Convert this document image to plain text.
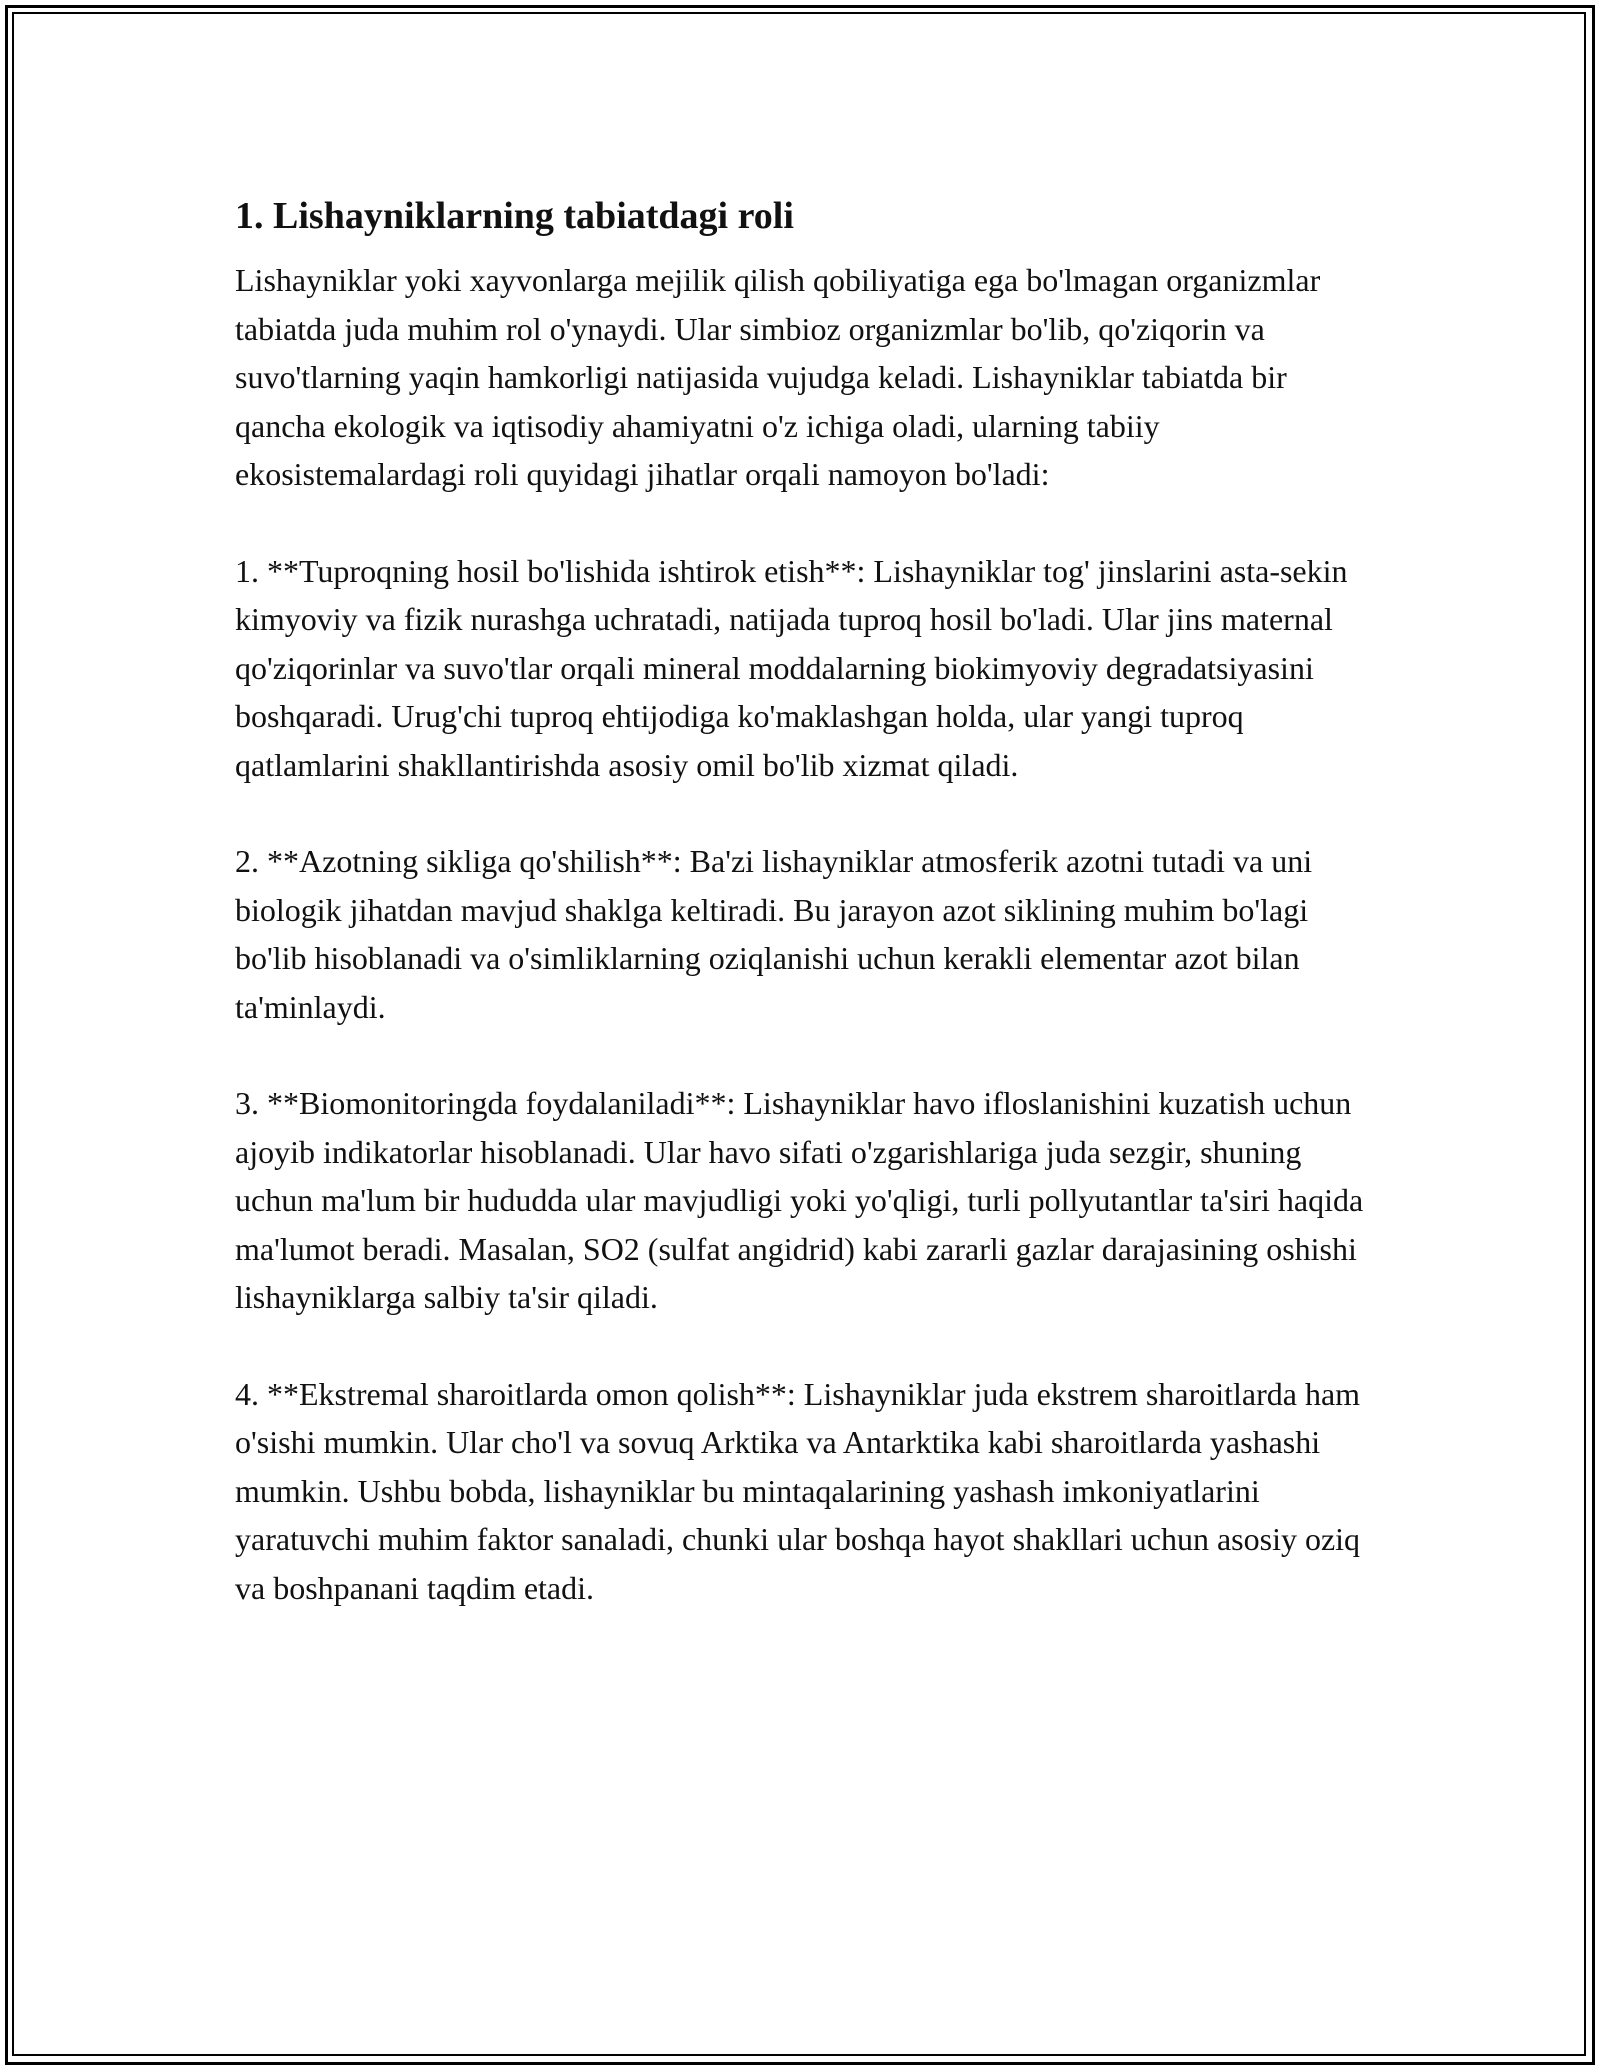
1. Lishayniklarning tabiatdagi roli

Lishayniklar yoki xayvonlarga mejilik qilish qobiliyatiga ega bo'lmagan organizmlar tabiatda juda muhim rol o'ynaydi. Ular simbioz organizmlar bo'lib, qo'ziqorin va suvo'tlarning yaqin hamkorligi natijasida vujudga keladi. Lishayniklar tabiatda bir qancha ekologik va iqtisodiy ahamiyatni o'z ichiga oladi, ularning tabiiy ekosistemalardagi roli quyidagi jihatlar orqali namoyon bo'ladi:

1. **Tuproqning hosil bo'lishida ishtirok etish**: Lishayniklar tog' jinslarini asta-sekin kimyoviy va fizik nurashga uchratadi, natijada tuproq hosil bo'ladi. Ular jins maternal qo'ziqorinlar va suvo'tlar orqali mineral moddalarning biokimyoviy degradatsiyasini boshqaradi. Urug'chi tuproq ehtijodiga ko'maklashgan holda, ular yangi tuproq qatlamlarini shakllantirishda asosiy omil bo'lib xizmat qiladi.

2. **Azotning sikliga qo'shilish**: Ba'zi lishayniklar atmosferik azotni tutadi va uni biologik jihatdan mavjud shaklga keltiradi. Bu jarayon azot siklining muhim bo'lagi bo'lib hisoblanadi va o'simliklarning oziqlanishi uchun kerakli elementar azot bilan ta'minlaydi.

3. **Biomonitoringda foydalaniladi**: Lishayniklar havo ifloslanishini kuzatish uchun ajoyib indikatorlar hisoblanadi. Ular havo sifati o'zgarishlariga juda sezgir, shuning uchun ma'lum bir hududda ular mavjudligi yoki yo'qligi, turli pollyutantlar ta'siri haqida ma'lumot beradi. Masalan, SO2 (sulfat angidrid) kabi zararli gazlar darajasining oshishi lishayniklarga salbiy ta'sir qiladi.

4. **Ekstremal sharoitlarda omon qolish**: Lishayniklar juda ekstrem sharoitlarda ham o'sishi mumkin. Ular cho'l va sovuq Arktika va Antarktika kabi sharoitlarda yashashi mumkin. Ushbu bobda, lishayniklar bu mintaqalarining yashash imkoniyatlarini yaratuvchi muhim faktor sanaladi, chunki ular boshqa hayot shakllari uchun asosiy oziq va boshpanani taqdim etadi.
